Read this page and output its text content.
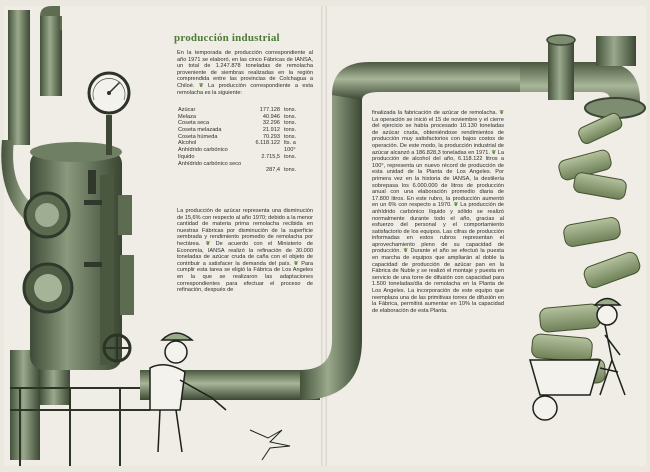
producción industrial

En la temporada de producción correspondiente al año 1971 se elaboró, en las cinco Fábricas de IANSA, un total de 1.247.878 toneladas de remolacha proveniente de siembras realizadas en la región comprendida entre las provincias de Colchagua a Chiloé. ❦ La producción correspondiente a esta remolacha es la siguiente:

Azúcar	177.128 tons.
Melaza	40.946 tons.
Coseta seca	32.296 tons.
Coseta melazada	21.912 tons.
Coseta húmeda	70.293 tons.
Alcohol	6.118.122 lts. a 100°
Anhídrido carbónico líquido	2.715,5 tons.
Anhídrido carbónico seco
287,4 tons.

La producción de azúcar representa una disminución de 15,6% con respecto al año 1970; debido a la menor cantidad de materia prima remolacha recibida en nuestras Fábricas por disminución de la superficie sembrada y rendimiento promedio de remolacha por hectárea. ❦ De acuerdo con el Ministerio de Economía, IANSA realizó la refinación de 30.000 toneladas de azúcar cruda de caña con el objeto de contribuir a satisfacer la demanda del país. ❦ Para cumplir esta tarea se eligió la Fábrica de Los Angeles en la que se realizaron las adaptaciones correspondientes para efectuar el proceso de refinación, después de

finalizada la fabricación de azúcar de remolacha. ❦ La operación se inició el 15 de noviembre y el cierre del ejercicio se había procesado 10.130 toneladas de azúcar cruda, obteniéndose rendimientos de producción muy satisfactorios con bajos costos de operación. De este modo, la producción industrial de azúcar alcanzó a 186.828,3 toneladas en 1971. ❦ La producción de alcohol del año, 6.118.122 litros a 100°, representa un nuevo récord de producción de esta unidad de la Planta de Los Angeles. Por primera vez en la historia de IANSA, la destilería sobrepasa los 6.000.000 de litros de producción anual con una elaboración promedio diaria de 17.800 litros. En este rubro, la producción aumentó en un 6% con respecto a 1970. ❦ La producción de anhídrido carbónico líquido y sólido se realizó normalmente durante todo el año, gracias al esfuerzo del personal y el comportamiento satisfactorio de los equipos. Las cifras de producción informadas en estos rubros representan el aprovechamiento pleno de su capacidad de producción. ❦ Durante el año se efectuó la puesta en marcha de equipos que ampliarán al doble la capacidad de producción de azúcar pan en la Fábrica de Nuble y se realizó el montaje y puesta en servicio de una torre de difusión con capacidad para 1.500 toneladas/día de remolacha en la Planta de Los Angeles. La incorporación de este equipo que reemplaza una de las primitivas torres de difusión en la Fábrica, permitirá aumentar en 10% la capacidad de elaboración de esta Planta.
